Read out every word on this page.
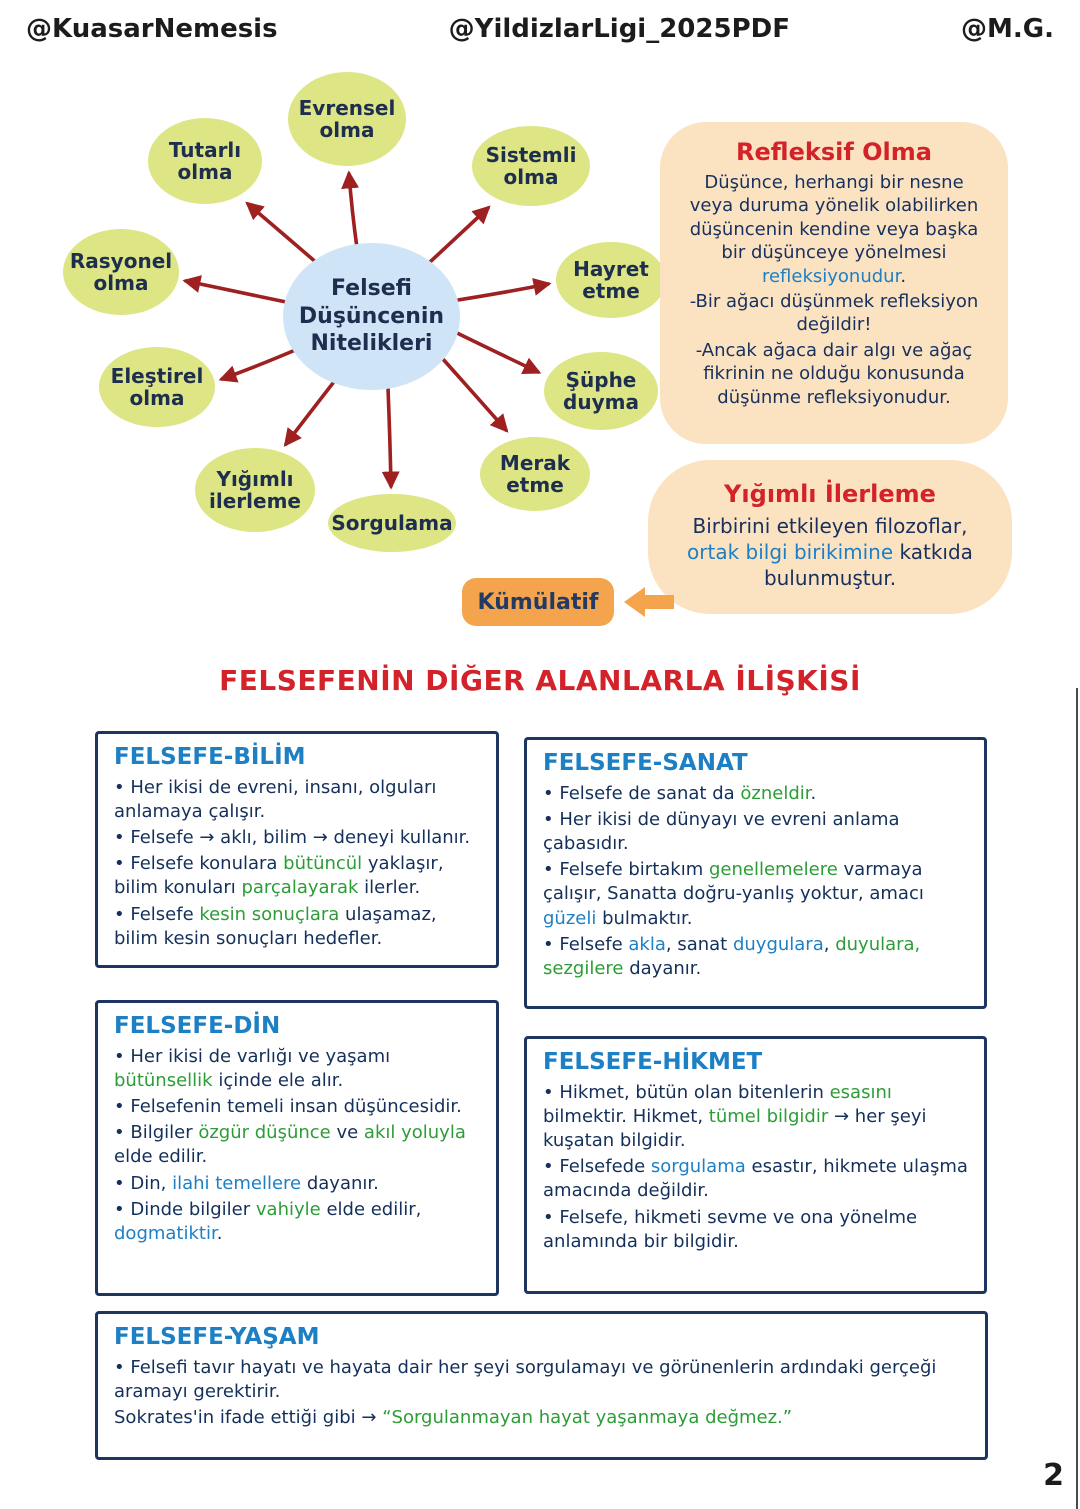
@KuasarNemesis	@YildizlarLigi_2025PDF	@M.G.
Felsefi Düşüncenin Nitelikleri
Tutarlı olma
Evrensel olma
Sistemli olma
Hayret etme
Şüphe duyma
Merak etme
Sorgulama
Yığımlı ilerleme
Eleştirel olma
Rasyonel olma
Refleksif Olma
Düşünce, herhangi bir nesne veya duruma yönelik olabilirken düşüncenin kendine veya başka bir düşünceye yönelmesi refleksiyonudur.
-Bir ağacı düşünmek refleksiyon değildir!
-Ancak ağaca dair algı ve ağaç fikrinin ne olduğu konusunda düşünme refleksiyonudur.
Yığımlı İlerleme
Birbirini etkileyen filozoflar, ortak bilgi birikimine katkıda bulunmuştur.
Kümülatif
FELSEFENİN DİĞER ALANLARLA İLİŞKİSİ
FELSEFE-BİLİM
• Her ikisi de evreni, insanı, olguları anlamaya çalışır.
• Felsefe → aklı, bilim → deneyi kullanır.
• Felsefe konulara bütüncül yaklaşır, bilim konuları parçalayarak ilerler.
• Felsefe kesin sonuçlara ulaşamaz, bilim kesin sonuçları hedefler.
FELSEFE-SANAT
• Felsefe de sanat da özneldir.
• Her ikisi de dünyayı ve evreni anlama çabasıdır.
• Felsefe birtakım genellemelere varmaya çalışır, Sanatta doğru-yanlış yoktur, amacı güzeli bulmaktır.
• Felsefe akla, sanat duygulara, duyulara, sezgilere dayanır.
FELSEFE-DİN
• Her ikisi de varlığı ve yaşamı bütünsellik içinde ele alır.
• Felsefenin temeli insan düşüncesidir.
• Bilgiler özgür düşünce ve akıl yoluyla elde edilir.
• Din, ilahi temellere dayanır.
• Dinde bilgiler vahiyle elde edilir, dogmatiktir.
FELSEFE-HİKMET
• Hikmet, bütün olan bitenlerin esasını bilmektir. Hikmet, tümel bilgidir → her şeyi kuşatan bilgidir.
• Felsefede sorgulama esastır, hikmete ulaşma amacında değildir.
• Felsefe, hikmeti sevme ve ona yönelme anlamında bir bilgidir.
FELSEFE-YAŞAM
• Felsefi tavır hayatı ve hayata dair her şeyi sorgulamayı ve görünenlerin ardındaki gerçeği aramayı gerektirir.
Sokrates'in ifade ettiği gibi → “Sorgulanmayan hayat yaşanmaya değmez.”
2
